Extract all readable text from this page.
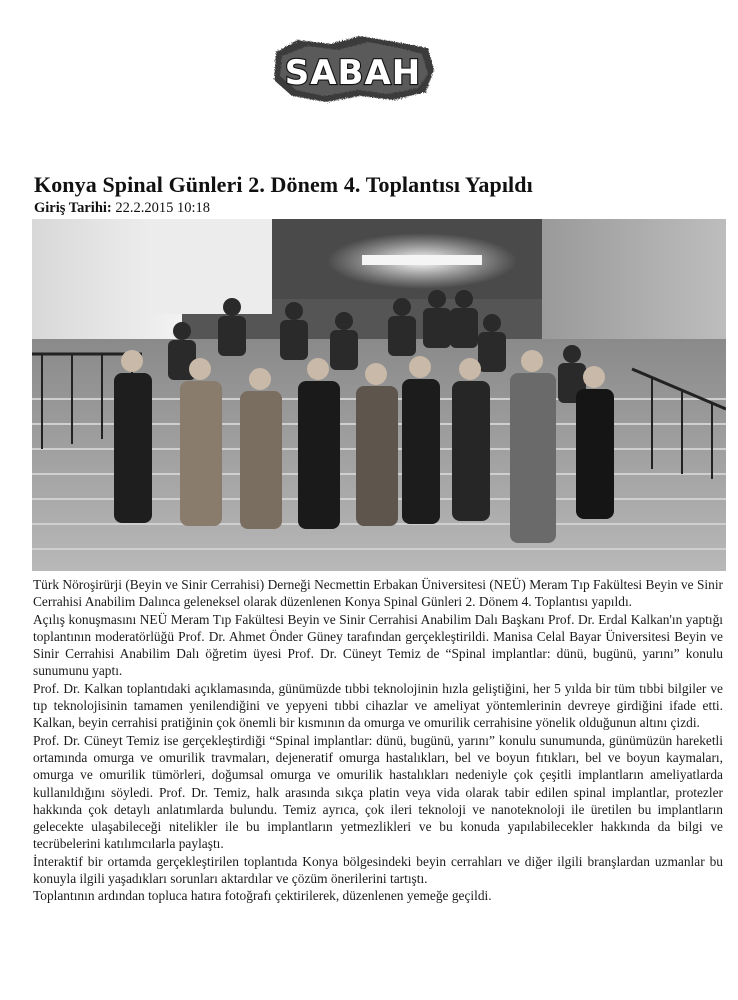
SABAH
Konya Spinal Günleri 2. Dönem 4. Toplantısı Yapıldı
Giriş Tarihi: 22.2.2015 10:18

Türk Nöroşirürji (Beyin ve Sinir Cerrahisi) Derneği Necmettin Erbakan Üniversitesi (NEÜ) Meram Tıp Fakültesi Beyin ve Sinir Cerrahisi Anabilim Dalınca geleneksel olarak düzenlenen Konya Spinal Günleri 2. Dönem 4. Toplantısı yapıldı.

Açılış konuşmasını NEÜ Meram Tıp Fakültesi Beyin ve Sinir Cerrahisi Anabilim Dalı Başkanı Prof. Dr. Erdal Kalkan'ın yaptığı toplantının moderatörlüğü Prof. Dr. Ahmet Önder Güney tarafından gerçekleştirildi. Manisa Celal Bayar Üniversitesi Beyin ve Sinir Cerrahisi Anabilim Dalı öğretim üyesi Prof. Dr. Cüneyt Temiz de “Spinal implantlar: dünü, bugünü, yarını” konulu sunumunu yaptı.

Prof. Dr. Kalkan toplantıdaki açıklamasında, günümüzde tıbbi teknolojinin hızla geliştiğini, her 5 yılda bir tüm tıbbi bilgiler ve tıp teknolojisinin tamamen yenilendiğini ve yepyeni tıbbi cihazlar ve ameliyat yöntemlerinin devreye girdiğini ifade etti. Kalkan, beyin cerrahisi pratiğinin çok önemli bir kısmının da omurga ve omurilik cerrahisine yönelik olduğunun altını çizdi.

Prof. Dr. Cüneyt Temiz ise gerçekleştirdiği “Spinal implantlar: dünü, bugünü, yarını” konulu sunumunda, günümüzün hareketli ortamında omurga ve omurilik travmaları, dejeneratif omurga hastalıkları, bel ve boyun fıtıkları, bel ve boyun kaymaları, omurga ve omurilik tümörleri, doğumsal omurga ve omurilik hastalıkları nedeniyle çok çeşitli implantların ameliyatlarda kullanıldığını söyledi. Prof. Dr. Temiz, halk arasında sıkça platin veya vida olarak tabir edilen spinal implantlar, protezler hakkında çok detaylı anlatımlarda bulundu. Temiz ayrıca, çok ileri teknoloji ve nanoteknoloji ile üretilen bu implantların gelecekte ulaşabileceği nitelikler ile bu implantların yetmezlikleri ve bu konuda yapılabilecekler hakkında da bilgi ve tecrübelerini katılımcılarla paylaştı.

İnteraktif bir ortamda gerçekleştirilen toplantıda Konya bölgesindeki beyin cerrahları ve diğer ilgili branşlardan uzmanlar bu konuyla ilgili yaşadıkları sorunları aktardılar ve çözüm önerilerini tartıştı.

Toplantının ardından topluca hatıra fotoğrafı çektirilerek, düzenlenen yemeğe geçildi.
